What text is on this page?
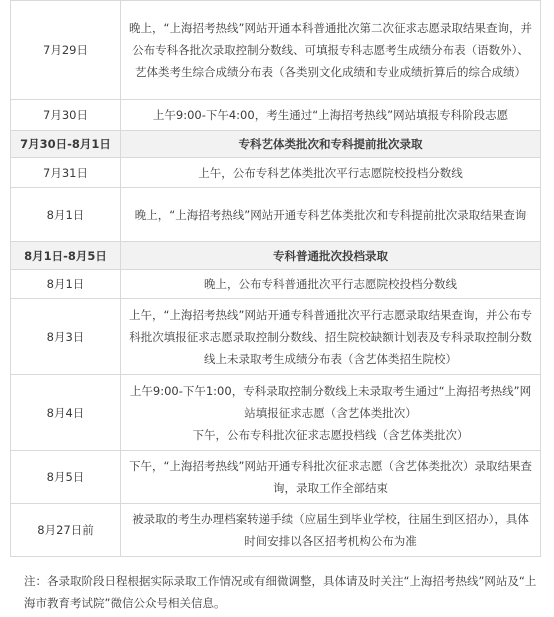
7月29日	晚上，“上海招考热线”网站开通本科普通批次第二次征求志愿录取结果查询，并公布专科各批次录取控制分数线、可填报专科志愿考生成绩分布表（语数外）、艺体类考生综合成绩分布表（各类别文化成绩和专业成绩折算后的综合成绩）
7月30日	上午9:00-下午4:00，考生通过“上海招考热线”网站填报专科阶段志愿
7月30日-8月1日	专科艺体类批次和专科提前批次录取
7月31日	上午，公布专科艺体类批次平行志愿院校投档分数线
8月1日	晚上，“上海招考热线”网站开通专科艺体类批次和专科提前批次录取结果查询
8月1日-8月5日	专科普通批次投档录取
8月1日	晚上，公布专科普通批次平行志愿院校投档分数线
8月3日	上午，“上海招考热线”网站开通专科普通批次平行志愿录取结果查询，并公布专科批次填报征求志愿录取控制分数线、招生院校缺额计划表及专科录取控制分数线上未录取考生成绩分布表（含艺体类招生院校）
8月4日	上午9:00-下午1:00，专科录取控制分数线上未录取考生通过“上海招考热线”网站填报征求志愿（含艺体类批次）
下午，公布专科批次征求志愿投档线（含艺体类批次）

8月5日	下午，“上海招考热线”网站开通专科批次征求志愿（含艺体类批次）录取结果查询，录取工作全部结束
8月27日前	被录取的考生办理档案转递手续（应届生到毕业学校，往届生到区招办），具体时间安排以各区招考机构公布为准
注：各录取阶段日程根据实际录取工作情况或有细微调整，具体请及时关注“上海招考热线”网站及“上海市教育考试院”微信公众号相关信息。
